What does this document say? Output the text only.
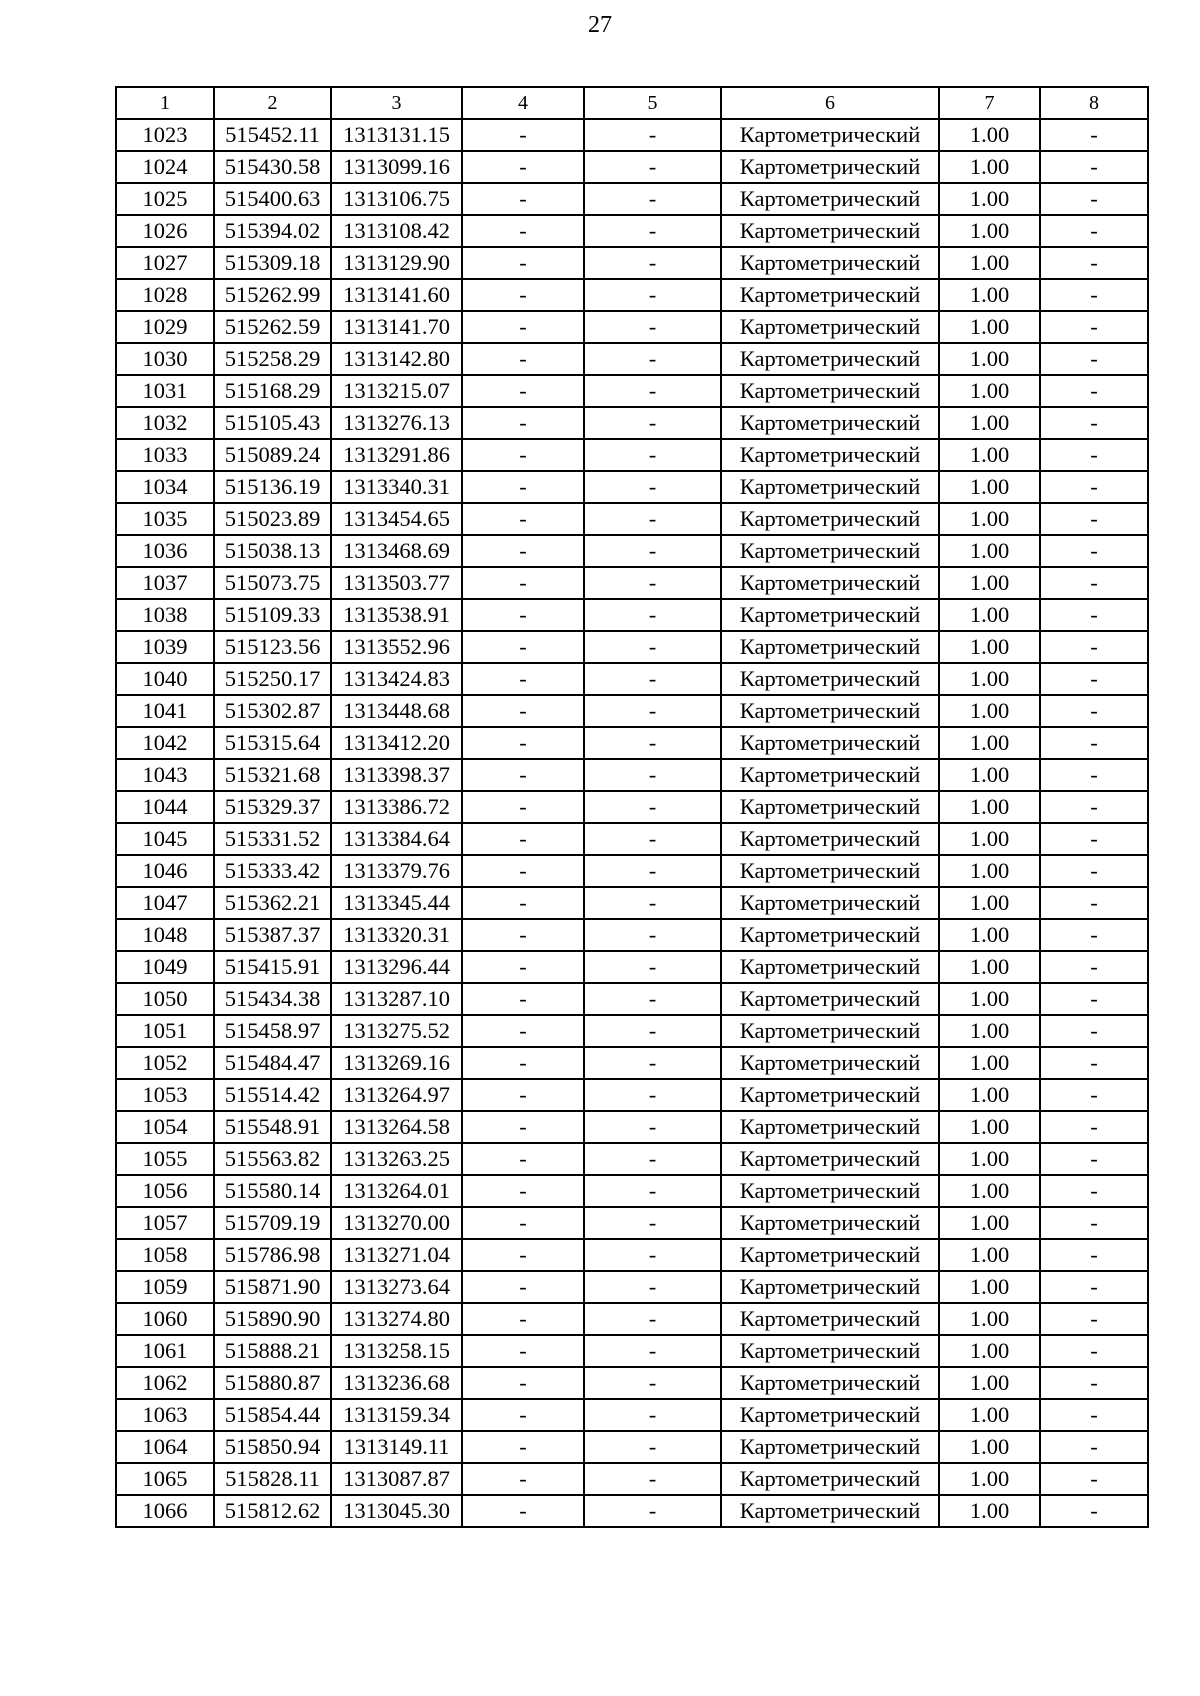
27
1	2	3	4	5	6	7	8
1023	515452.11	1313131.15	-	-	Картометрический	1.00	-
1024	515430.58	1313099.16	-	-	Картометрический	1.00	-
1025	515400.63	1313106.75	-	-	Картометрический	1.00	-
1026	515394.02	1313108.42	-	-	Картометрический	1.00	-
1027	515309.18	1313129.90	-	-	Картометрический	1.00	-
1028	515262.99	1313141.60	-	-	Картометрический	1.00	-
1029	515262.59	1313141.70	-	-	Картометрический	1.00	-
1030	515258.29	1313142.80	-	-	Картометрический	1.00	-
1031	515168.29	1313215.07	-	-	Картометрический	1.00	-
1032	515105.43	1313276.13	-	-	Картометрический	1.00	-
1033	515089.24	1313291.86	-	-	Картометрический	1.00	-
1034	515136.19	1313340.31	-	-	Картометрический	1.00	-
1035	515023.89	1313454.65	-	-	Картометрический	1.00	-
1036	515038.13	1313468.69	-	-	Картометрический	1.00	-
1037	515073.75	1313503.77	-	-	Картометрический	1.00	-
1038	515109.33	1313538.91	-	-	Картометрический	1.00	-
1039	515123.56	1313552.96	-	-	Картометрический	1.00	-
1040	515250.17	1313424.83	-	-	Картометрический	1.00	-
1041	515302.87	1313448.68	-	-	Картометрический	1.00	-
1042	515315.64	1313412.20	-	-	Картометрический	1.00	-
1043	515321.68	1313398.37	-	-	Картометрический	1.00	-
1044	515329.37	1313386.72	-	-	Картометрический	1.00	-
1045	515331.52	1313384.64	-	-	Картометрический	1.00	-
1046	515333.42	1313379.76	-	-	Картометрический	1.00	-
1047	515362.21	1313345.44	-	-	Картометрический	1.00	-
1048	515387.37	1313320.31	-	-	Картометрический	1.00	-
1049	515415.91	1313296.44	-	-	Картометрический	1.00	-
1050	515434.38	1313287.10	-	-	Картометрический	1.00	-
1051	515458.97	1313275.52	-	-	Картометрический	1.00	-
1052	515484.47	1313269.16	-	-	Картометрический	1.00	-
1053	515514.42	1313264.97	-	-	Картометрический	1.00	-
1054	515548.91	1313264.58	-	-	Картометрический	1.00	-
1055	515563.82	1313263.25	-	-	Картометрический	1.00	-
1056	515580.14	1313264.01	-	-	Картометрический	1.00	-
1057	515709.19	1313270.00	-	-	Картометрический	1.00	-
1058	515786.98	1313271.04	-	-	Картометрический	1.00	-
1059	515871.90	1313273.64	-	-	Картометрический	1.00	-
1060	515890.90	1313274.80	-	-	Картометрический	1.00	-
1061	515888.21	1313258.15	-	-	Картометрический	1.00	-
1062	515880.87	1313236.68	-	-	Картометрический	1.00	-
1063	515854.44	1313159.34	-	-	Картометрический	1.00	-
1064	515850.94	1313149.11	-	-	Картометрический	1.00	-
1065	515828.11	1313087.87	-	-	Картометрический	1.00	-
1066	515812.62	1313045.30	-	-	Картометрический	1.00	-
